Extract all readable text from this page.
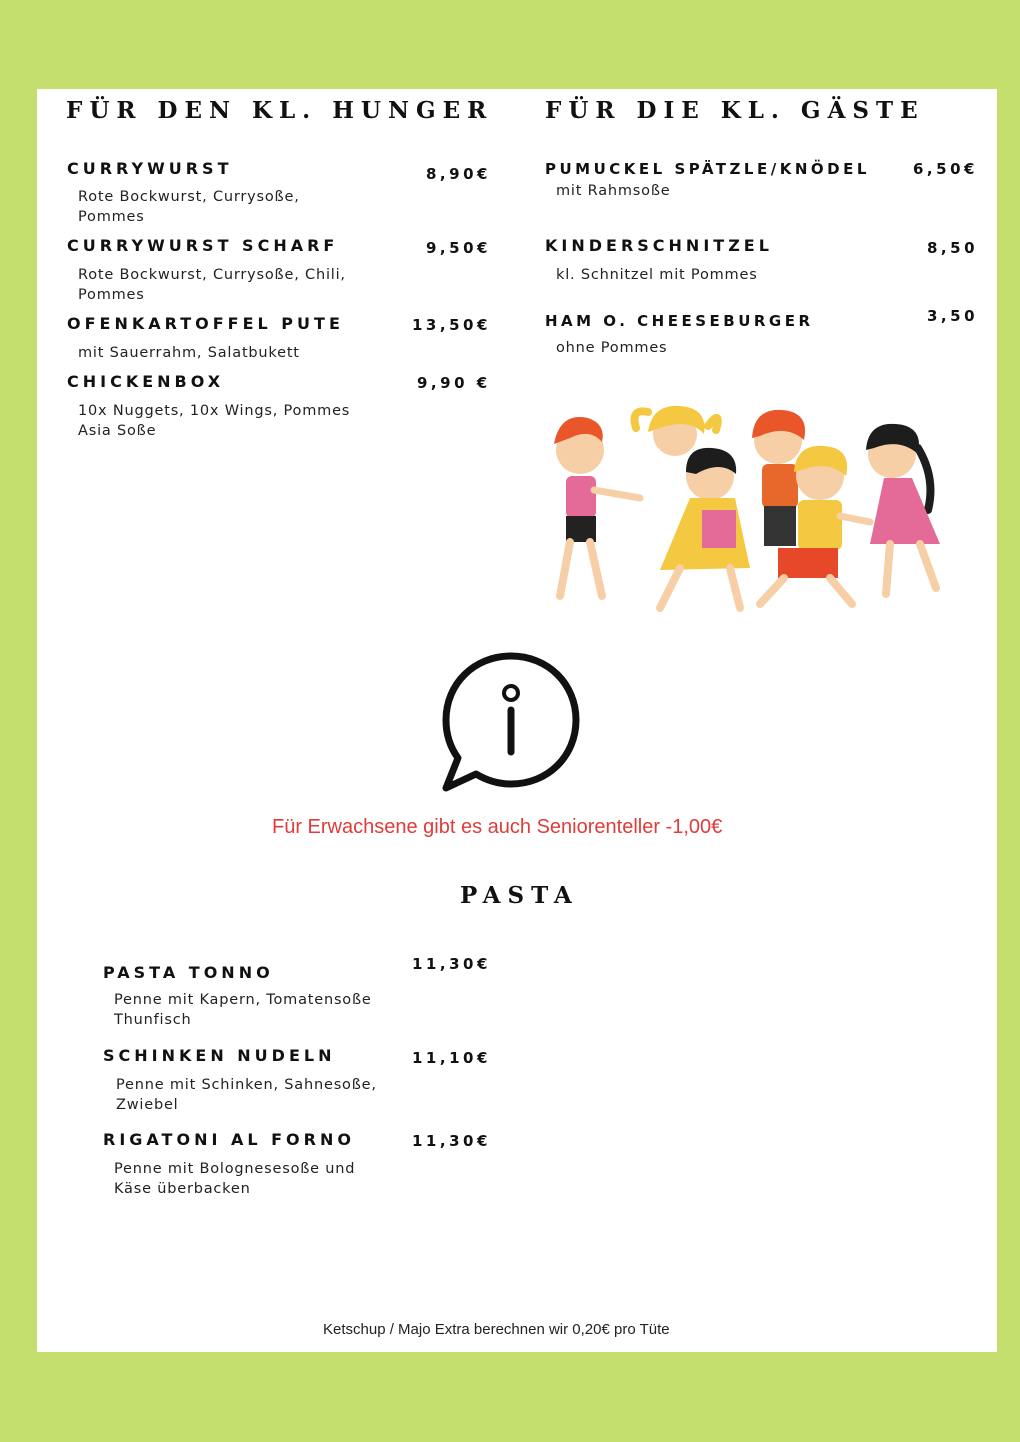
FÜR DEN KL. HUNGER
CURRYWURST	8,90€
Rote Bockwurst, Currysoße,
Pommes
CURRYWURST SCHARF	9,50€
Rote Bockwurst, Currysoße, Chili,
Pommes
OFENKARTOFFEL PUTE	13,50€
mit Sauerrahm, Salatbukett
CHICKENBOX	9,90 €
10x Nuggets, 10x Wings, Pommes
Asia Soße
FÜR DIE KL. GÄSTE
PUMUCKEL SPÄTZLE/KNÖDEL	6,50€
mit Rahmsoße
KINDERSCHNITZEL	8,50
kl. Schnitzel mit Pommes
HAM O. CHEESEBURGER	3,50
ohne Pommes
Für Erwachsene gibt es auch Seniorenteller -1,00€
PASTA
PASTA TONNO	11,30€
Penne mit Kapern, Tomatensoße
Thunfisch
SCHINKEN NUDELN	11,10€
Penne mit Schinken, Sahnesoße,
Zwiebel
RIGATONI AL FORNO	11,30€
Penne mit Bolognesesoße und
Käse überbacken
Ketschup / Majo Extra berechnen wir 0,20€ pro Tüte
